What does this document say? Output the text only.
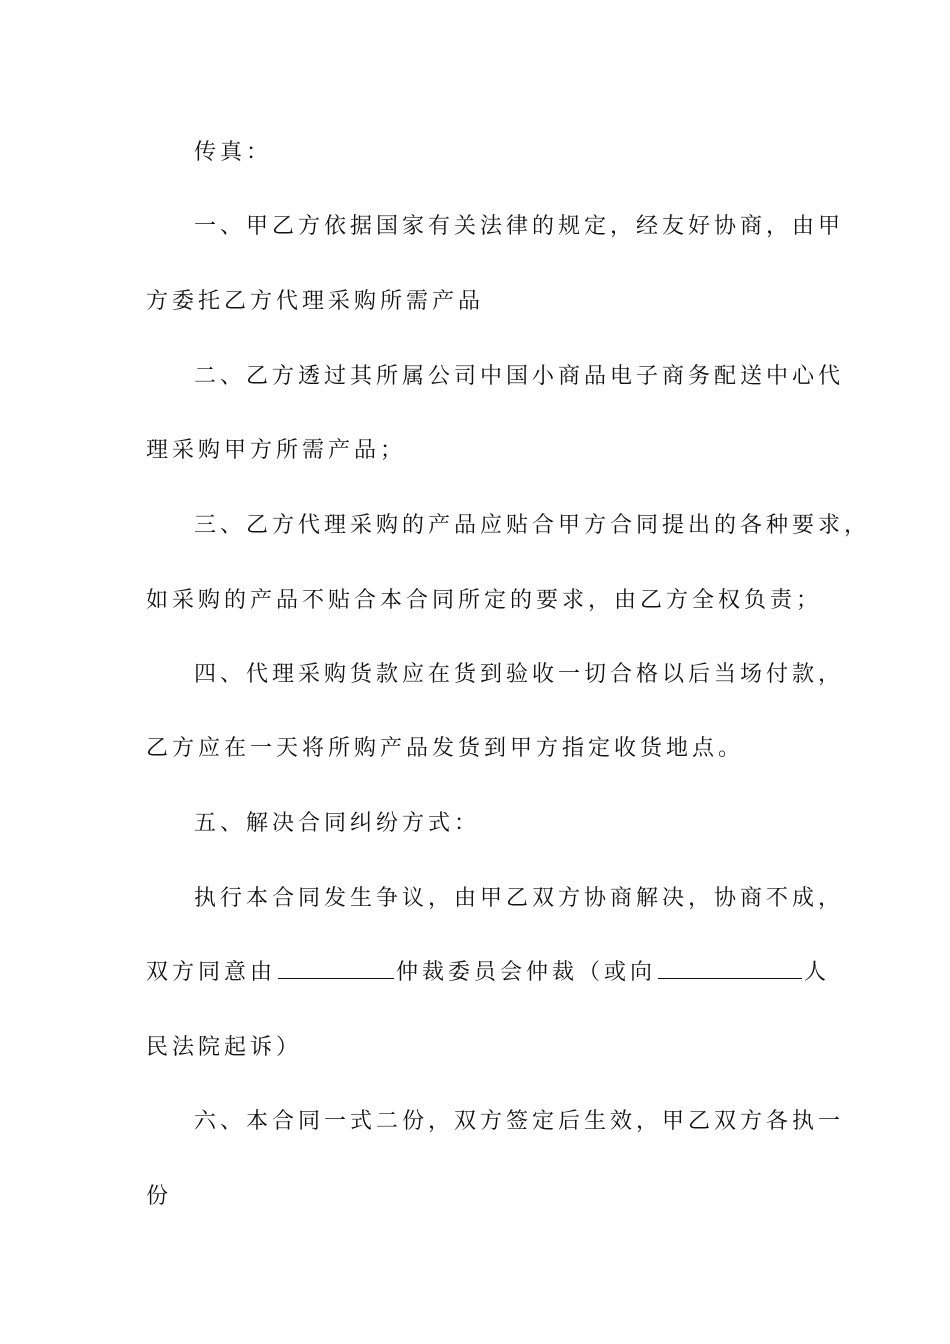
传真：
一、甲乙方依据国家有关法律的规定，经友好协商，由甲
方委托乙方代理采购所需产品
二、乙方透过其所属公司中国小商品电子商务配送中心代
理采购甲方所需产品；
三、乙方代理采购的产品应贴合甲方合同提出的各种要求，
如采购的产品不贴合本合同所定的要求，由乙方全权负责；
四、代理采购货款应在货到验收一切合格以后当场付款，
乙方应在一天将所购产品发货到甲方指定收货地点。
五、解决合同纠纷方式：
执行本合同发生争议，由甲乙双方协商解决，协商不成，
双方同意由	仲裁委员会仲裁（或向	人
民法院起诉）
六、本合同一式二份，双方签定后生效，甲乙双方各执一
份
